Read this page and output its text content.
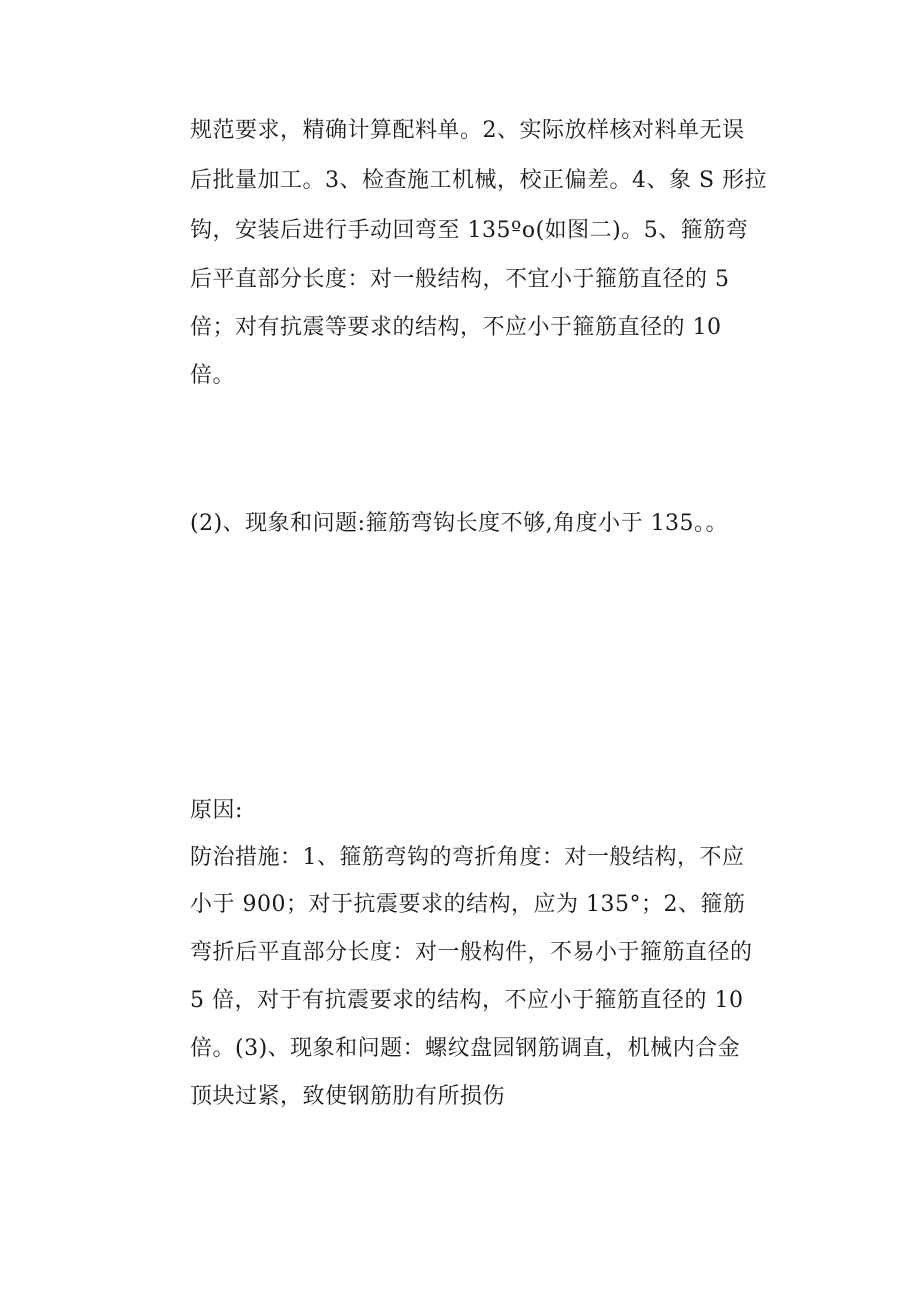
规范要求，精确计算配料单。2、实际放样核对料单无误
后批量加工。3、检查施工机械，校正偏差。4、象 S 形拉
钩，安装后进行手动回弯至 135ºo(如图二)。5、箍筋弯
后平直部分长度：对一般结构，不宜小于箍筋直径的 5
倍；对有抗震等要求的结构，不应小于箍筋直径的 10
倍。
(2)、现象和问题:箍筋弯钩长度不够,角度小于 135。。
原因:
防治措施：1、箍筋弯钩的弯折角度：对一般结构，不应
小于 900；对于抗震要求的结构，应为 135°；2、箍筋
弯折后平直部分长度：对一般构件，不易小于箍筋直径的
5 倍，对于有抗震要求的结构，不应小于箍筋直径的 10
倍。(3)、现象和问题：螺纹盘园钢筋调直，机械内合金
顶块过紧，致使钢筋肋有所损伤
